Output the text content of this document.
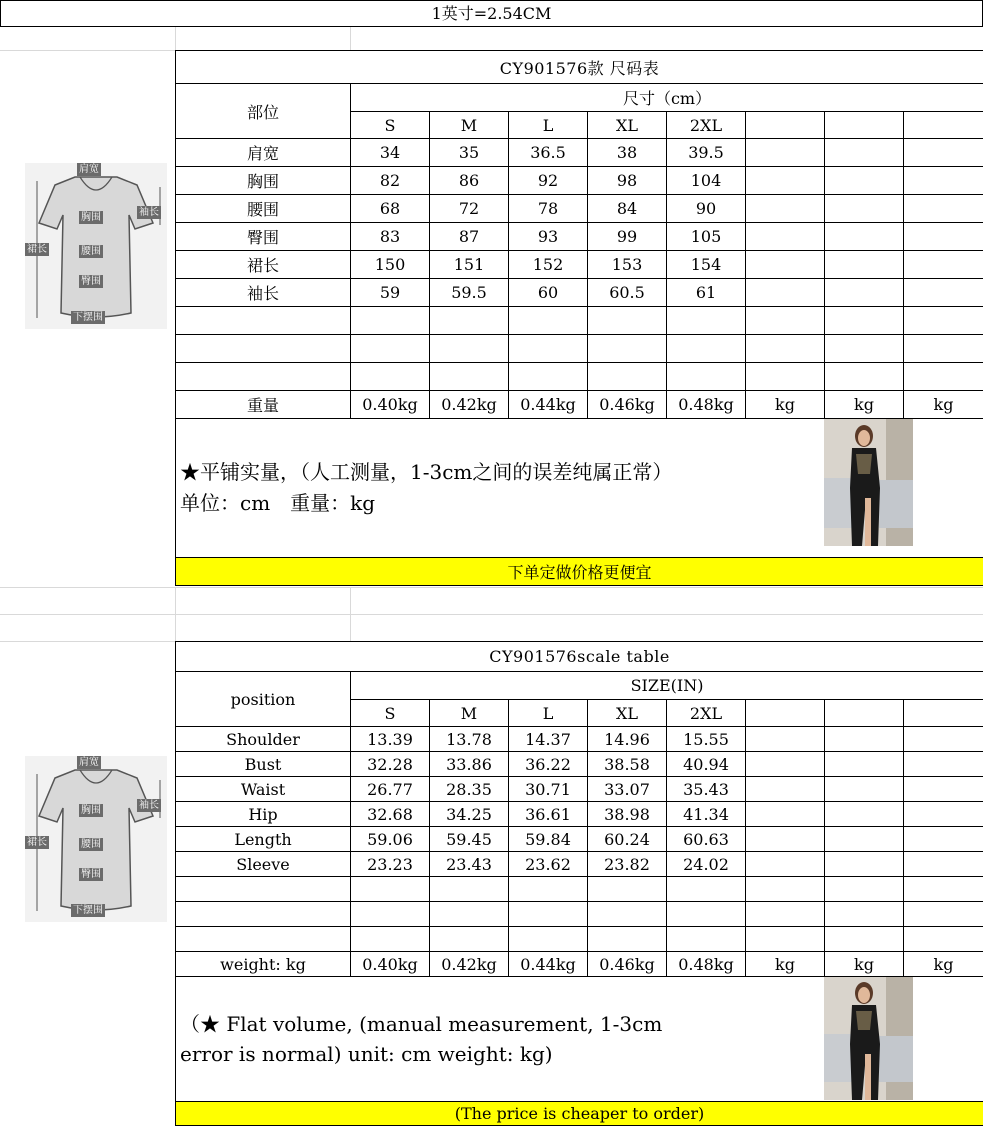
1英寸=2.54CM
肩宽
胸围	袖长
裙长	腰围
臀围
下摆围
CY901576款 尺码表								
部位	尺寸（cm）							
	S	M	L	XL	2XL			
肩宽	34	35	36.5	38	39.5			
胸围	82	86	92	98	104			
腰围	68	72	78	84	90			
臀围	83	87	93	99	105			
裙长	150	151	152	153	154			
袖长	59	59.5	60	60.5	61			

重量	0.40kg	0.42kg	0.44kg	0.46kg	0.48kg	kg	kg	kg

★平铺实量，（人工测量，1-3cm之间的误差纯属正常）
单位：cm　重量：kg								

下单定做价格更便宜								
肩宽
胸围	袖长
裙长	腰围
臀围
下摆围
CY901576scale table								
position	SIZE(IN)							
	S	M	L	XL	2XL			
Shoulder	13.39	13.78	14.37	14.96	15.55			
Bust	32.28	33.86	36.22	38.58	40.94			
Waist	26.77	28.35	30.71	33.07	35.43			
Hip	32.68	34.25	36.61	38.98	41.34			
Length	59.06	59.45	59.84	60.24	60.63			
Sleeve	23.23	23.43	23.62	23.82	24.02			

weight: kg	0.40kg	0.42kg	0.44kg	0.46kg	0.48kg	kg	kg	kg

（★ Flat volume, (manual measurement, 1-3cm
error is normal) unit: cm weight: kg)								

(The price is cheaper to order)								
